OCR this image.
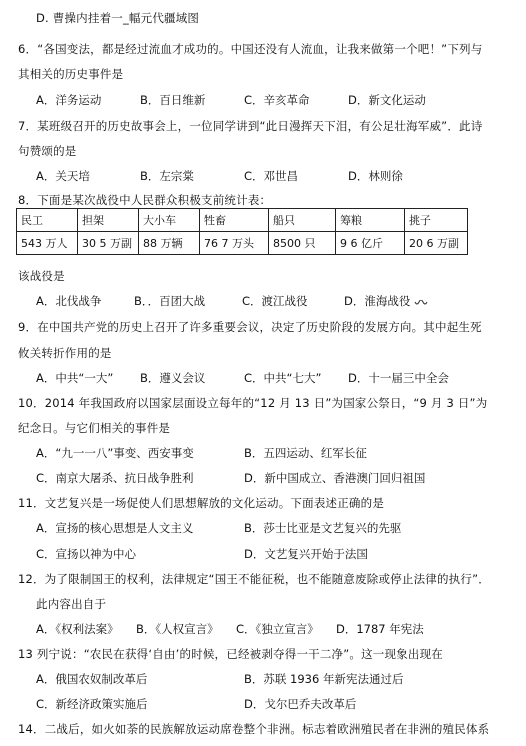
D. 曹操内挂着一_幅元代疆域图
6．“各国变法，都是经过流血才成功的。中国还没有人流血，让我来做第一个吧！”下列与
其相关的历史事件是
A．洋务运动	B．百日维新	C．辛亥革命	D．新文化运动
7．某班级召开的历史故事会上，一位同学讲到“此日漫挥天下泪，有公足壮海军威”．此诗
句赞颂的是
A．关天培	B．左宗棠	C．邓世昌	D．林则徐
8．下面是某次战役中人民群众积极支前统计表：
民工	担架	大小车	牲畜	船只	筹粮	挑子
543 万人	30 5 万副	88 万辆	76 7 万头	8500 只	9 6 亿斤	20 6 万副
该战役是
A．北伐战争	B．．百团大战	C．渡江战役	D．淮海战役
9．在中国共产党的历史上召开了许多重要会议，决定了历史阶段的发展方向。其中起生死
攸关转折作用的是
A．中共“一大” B．遵义会议	C．中共“七大” D．十一届三中全会
10．2014 年我国政府以国家层面设立每年的“12 月 13 日”为国家公祭日，“9 月 3 日”为
纪念日。与它们相关的事件是
A．“九一一八”事变、西安事变	B．五四运动、红军长征
C．南京大屠杀、抗日战争胜利	D．新中国成立、香港澳门回归祖国
11．文艺复兴是一场促使人们思想解放的文化运动。下面表述正确的是
A．宣扬的核心思想是人文主义	B．莎士比亚是文艺复兴的先驱
C．宣扬以神为中心	D．文艺复兴开始于法国
12．为了限制国王的权利，法律规定“国王不能征税，也不能随意废除或停止法律的执行”．
此内容出自于
A．《权利法案》 B．《人权宣言》 C．《独立宣言》 D．1787 年宪法
13 列宁说：“农民在获得‘自由’的时候，已经被剥夺得一干二净”。这一现象出现在
A．俄国农奴制改革后	B．苏联 1936 年新宪法通过后
C．新经济政策实施后	D．戈尔巴乔夫改革后
14．二战后，如火如荼的民族解放运动席卷整个非洲。标志着欧洲殖民者在非洲的殖民体系
